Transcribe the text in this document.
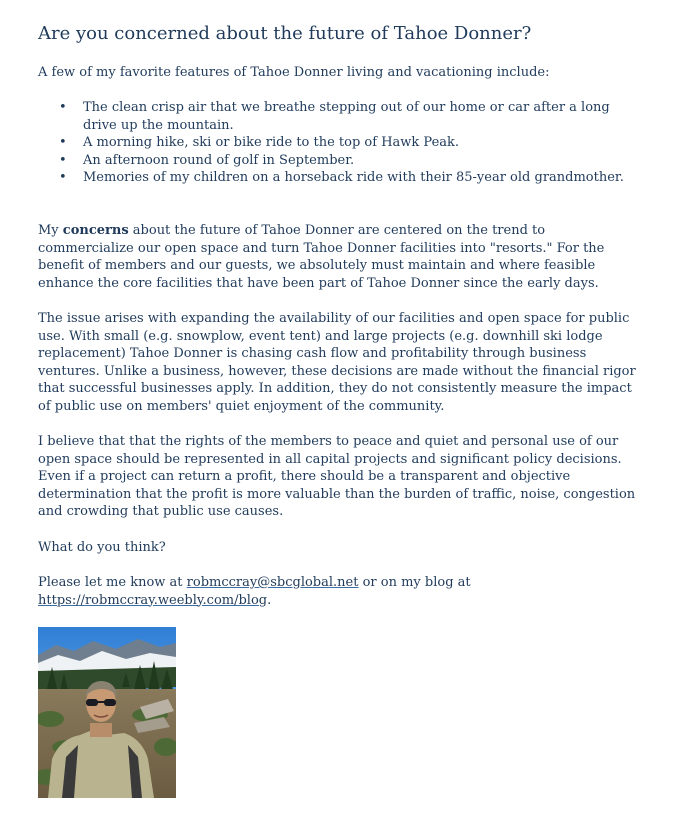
Are you concerned about the future of Tahoe Donner?
A few of my favorite features of Tahoe Donner living and vacationing include:
• The clean crisp air that we breathe stepping out of our home or car after a long drive up the mountain.
• A morning hike, ski or bike ride to the top of Hawk Peak.
• An afternoon round of golf in September.
• Memories of my children on a horseback ride with their 85-year old grandmother.
My concerns about the future of Tahoe Donner are centered on the trend to commercialize our open space and turn Tahoe Donner facilities into "resorts." For the benefit of members and our guests, we absolutely must maintain and where feasible enhance the core facilities that have been part of Tahoe Donner since the early days.
The issue arises with expanding the availability of our facilities and open space for public use. With small (e.g. snowplow, event tent) and large projects (e.g. downhill ski lodge replacement) Tahoe Donner is chasing cash flow and profitability through business ventures. Unlike a business, however, these decisions are made without the financial rigor that successful businesses apply. In addition, they do not consistently measure the impact of public use on members' quiet enjoyment of the community.
I believe that that the rights of the members to peace and quiet and personal use of our open space should be represented in all capital projects and significant policy decisions. Even if a project can return a profit, there should be a transparent and objective determination that the profit is more valuable than the burden of traffic, noise, congestion and crowding that public use causes.
What do you think?
Please let me know at robmccray@sbcglobal.net or on my blog at
https://robmccray.weebly.com/blog.
